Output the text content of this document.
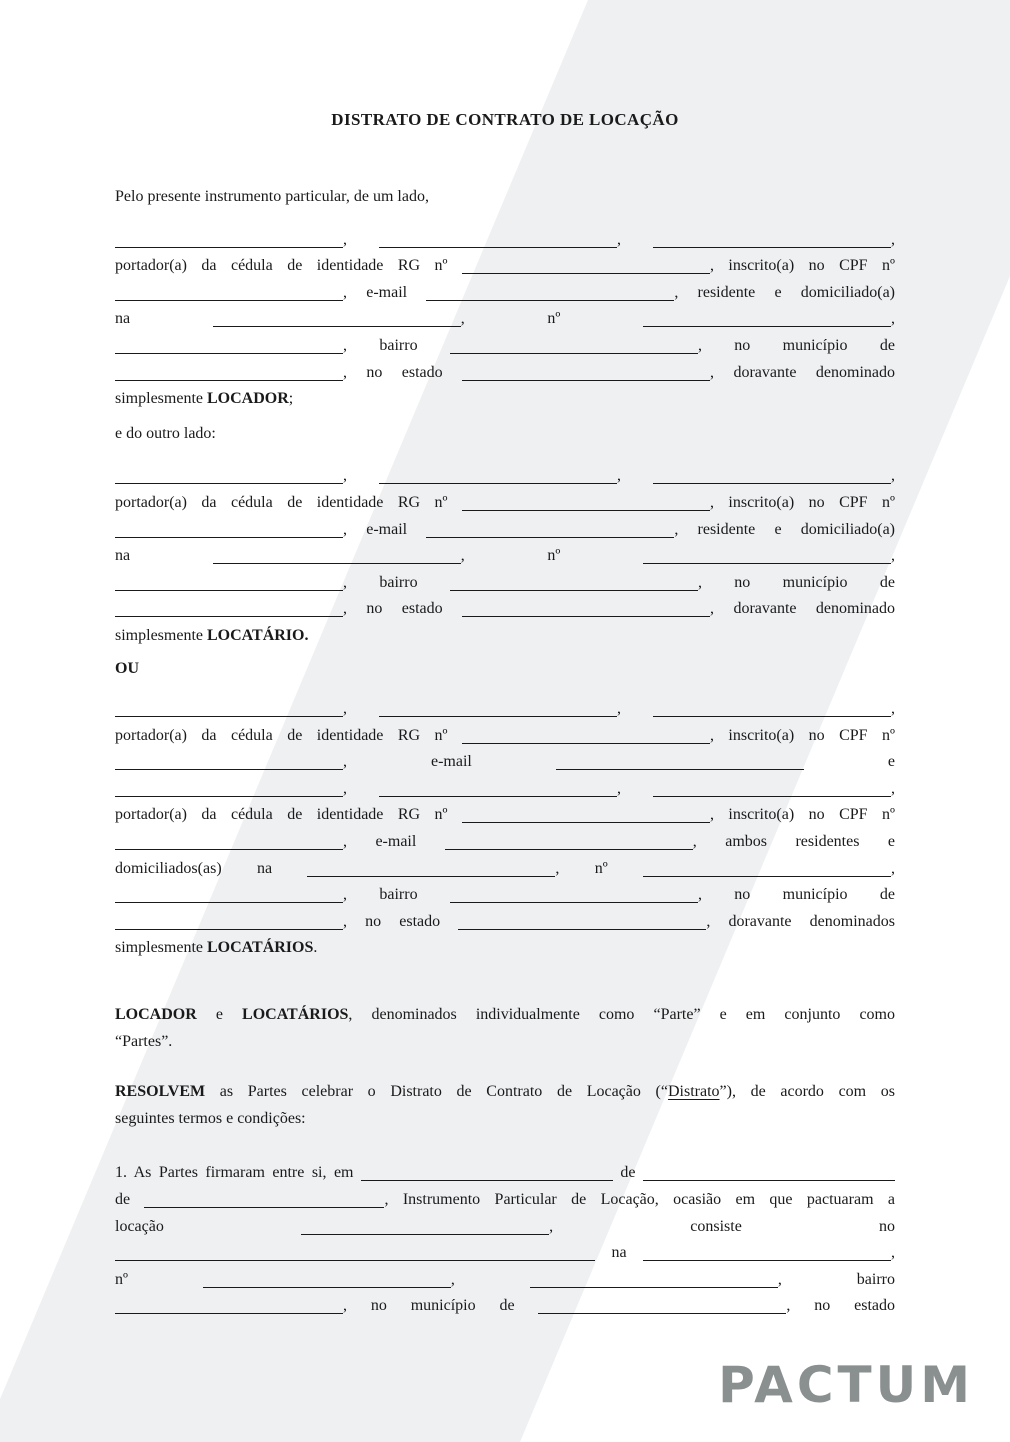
DISTRATO DE CONTRATO DE LOCAÇÃO
Pelo presente instrumento particular, de um lado,
,	,	,
portador(a) da cédula de identidade RG nº	, inscrito(a) no CPF nº
, e-mail	, residente e domiciliado(a)
na	, nº	,
, bairro	, no município de
, no estado	, doravante denominado
simplesmente LOCADOR;
e do outro lado:
,	,	,
portador(a) da cédula de identidade RG nº	, inscrito(a) no CPF nº
, e-mail	, residente e domiciliado(a)
na	, nº	,
, bairro	, no município de
, no estado	, doravante denominado
simplesmente LOCATÁRIO.
OU
,	,	,
portador(a) da cédula de identidade RG nº	, inscrito(a) no CPF nº
, e-mail	e
,	,	,
portador(a) da cédula de identidade RG nº	, inscrito(a) no CPF nº
, e-mail	, ambos residentes e
domiciliados(as) na	, nº	,
, bairro	, no município de
, no estado	, doravante denominados
simplesmente LOCATÁRIOS.
LOCADOR e LOCATÁRIOS, denominados individualmente como “Parte” e em conjunto como
“Partes”.
RESOLVEM as Partes celebrar o Distrato de Contrato de Locação (“Distrato”), de acordo com os
seguintes termos e condições:
1. As Partes firmaram entre si, em	de
de	, Instrumento Particular de Locação, ocasião em que pactuaram a
locação	, consiste no
na	,
nº	,	, bairro
, no município de	, no estado
PACTUM
